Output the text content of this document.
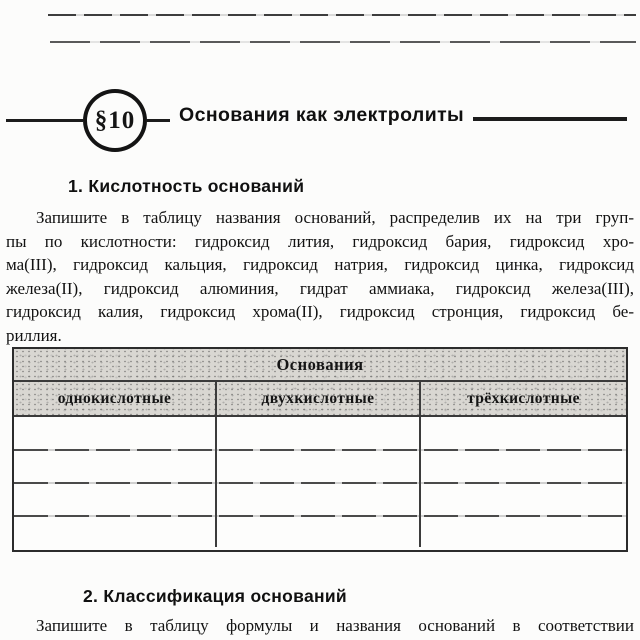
§10 Основания как электролиты
1. Кислотность оснований
Запишите в таблицу названия оснований, распределив их на три груп-
пы по кислотности: гидроксид лития, гидроксид бария, гидроксид хро-
ма(III), гидроксид кальция, гидроксид натрия, гидроксид цинка, гидроксид
железа(II), гидроксид алюминия, гидрат аммиака, гидроксид железа(III),
гидроксид калия, гидроксид хрома(II), гидроксид стронция, гидроксид бе-
риллия.
Основания
однокислотные	двухкислотные	трёхкислотные
2. Классификация оснований
Запишите в таблицу формулы и названия оснований в соответствии
